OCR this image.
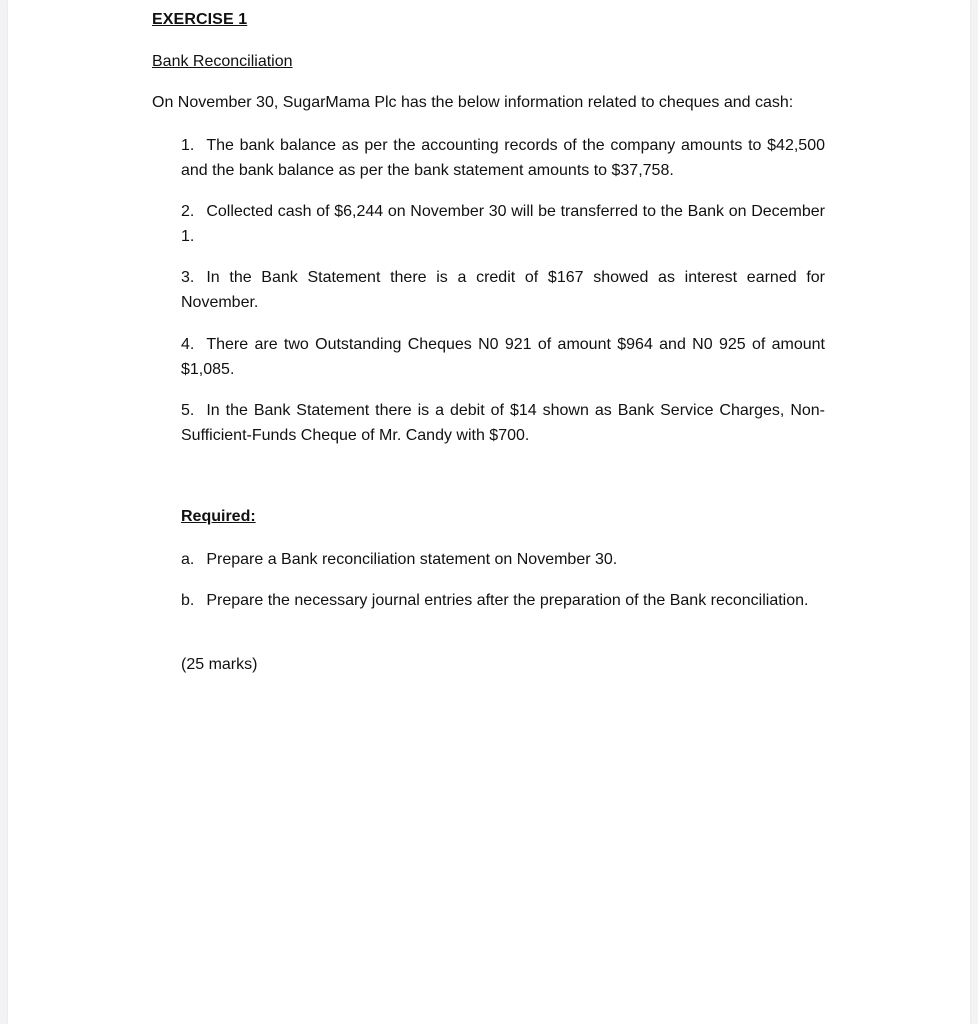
EXERCISE 1
Bank Reconciliation
On November 30, SugarMama Plc has the below information related to cheques and cash:
1. The bank balance as per the accounting records of the company amounts to $42,500 and the bank balance as per the bank statement amounts to $37,758.
2. Collected cash of $6,244 on November 30 will be transferred to the Bank on December 1.
3. In the Bank Statement there is a credit of $167 showed as interest earned for November.
4. There are two Outstanding Cheques N0 921 of amount $964 and N0 925 of amount $1,085.
5. In the Bank Statement there is a debit of $14 shown as Bank Service Charges, Non-Sufficient-Funds Cheque of Mr. Candy with $700.
Required:
a. Prepare a Bank reconciliation statement on November 30.
b. Prepare the necessary journal entries after the preparation of the Bank reconciliation.
(25 marks)
